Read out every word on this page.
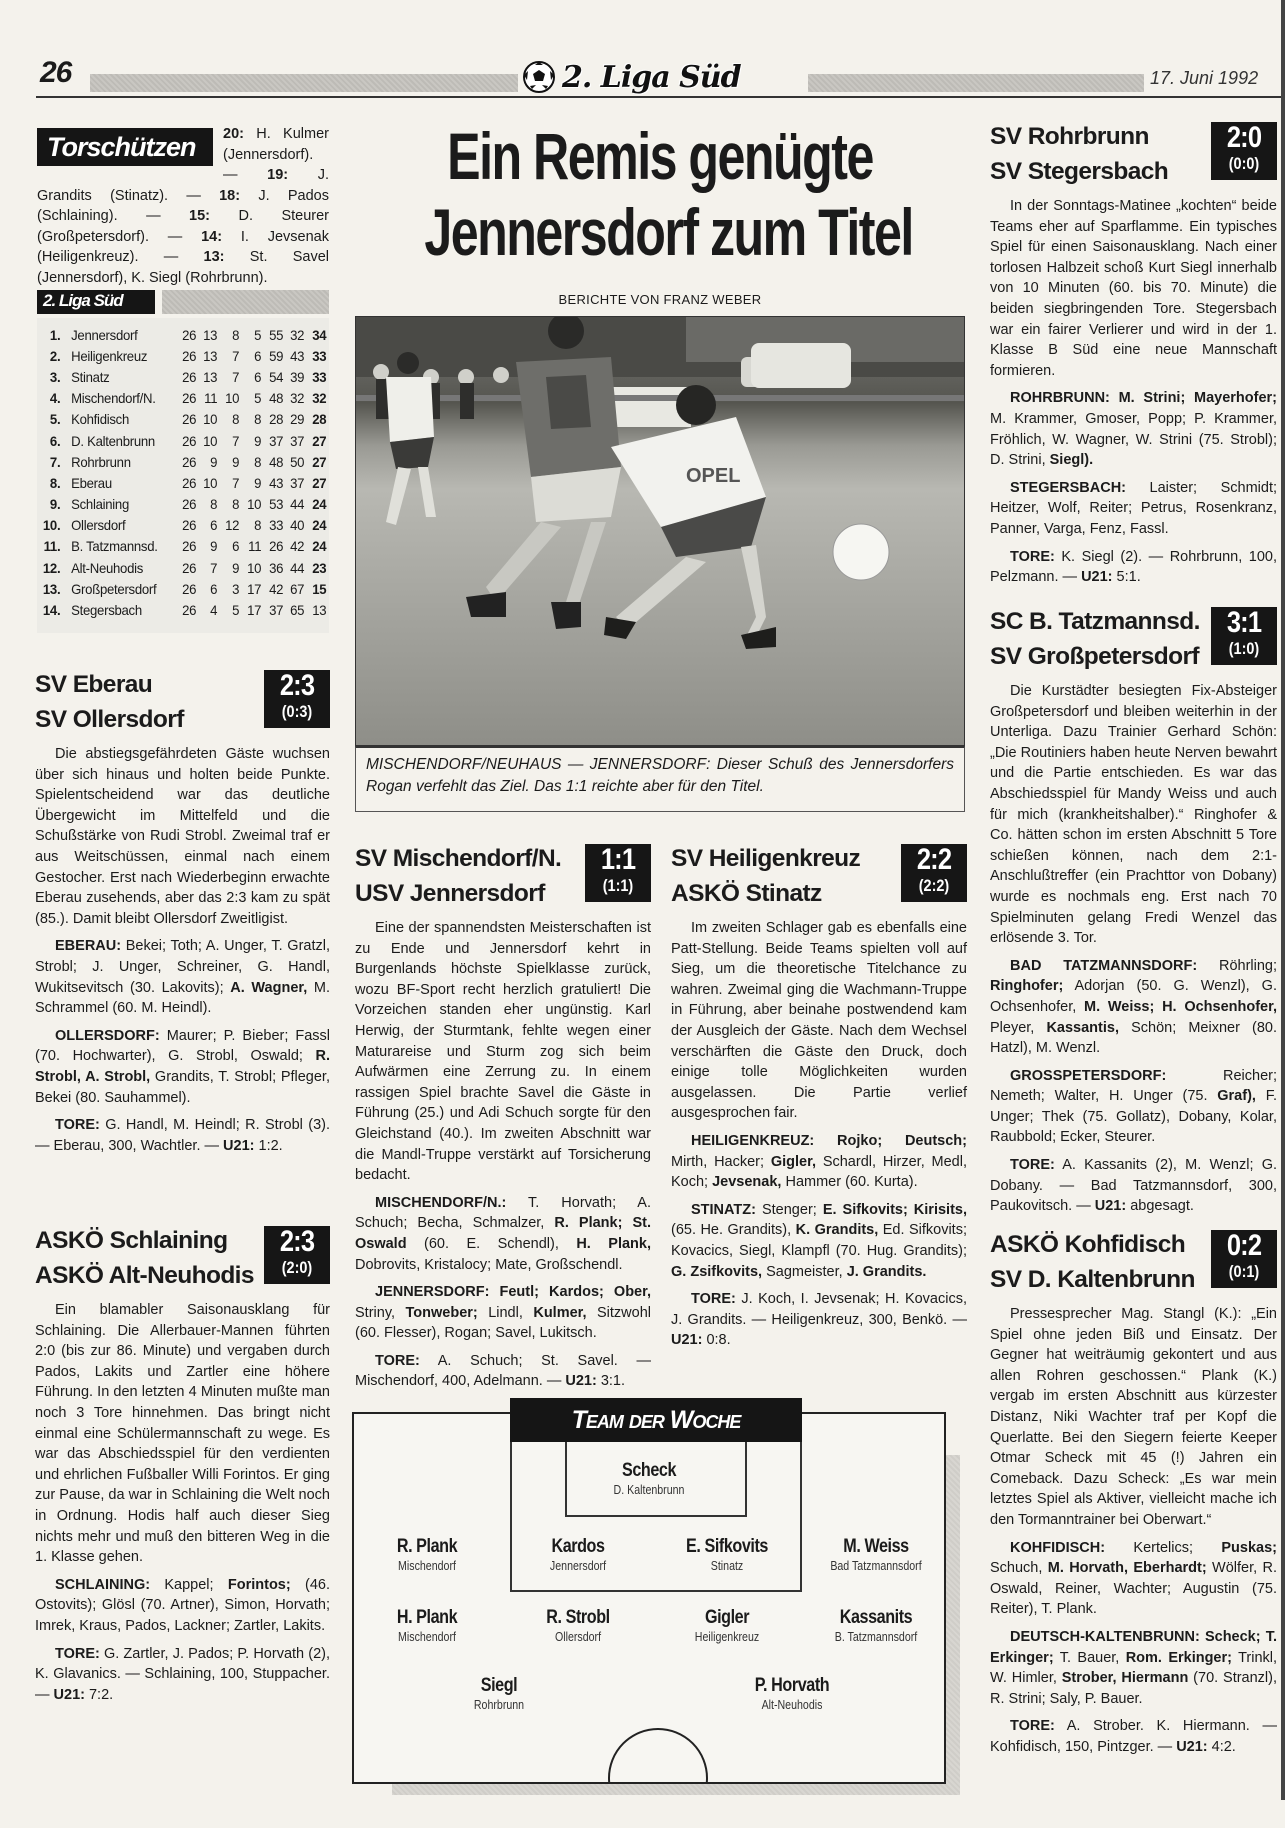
26	2. Liga Süd	17. Juni 1992
Torschützen	20: H. Kulmer (Jennersdorf). — 19: J. Grandits (Stinatz). — 18: J. Pados (Schlaining). — 15: D. Steurer (Großpetersdorf). — 14: I. Jevsenak (Heiligenkreuz). — 13: St. Savel (Jennersdorf), K. Siegl (Rohrbrunn).
2. Liga Süd
1.	Jennersdorf	26	13	8	5	55	32	34
2.	Heiligenkreuz	26	13	7	6	59	43	33
3.	Stinatz	26	13	7	6	54	39	33
4.	Mischendorf/N.	26	11	10	5	48	32	32
5.	Kohfidisch	26	10	8	8	28	29	28
6.	D. Kaltenbrunn	26	10	7	9	37	37	27
7.	Rohrbrunn	26	9	9	8	48	50	27
8.	Eberau	26	10	7	9	43	37	27
9.	Schlaining	26	8	8	10	53	44	24
10.	Ollersdorf	26	6	12	8	33	40	24
11.	B. Tatzmannsd.	26	9	6	11	26	42	24
12.	Alt-Neuhodis	26	7	9	10	36	44	23
13.	Großpetersdorf	26	6	3	17	42	67	15
14.	Stegersbach	26	4	5	17	37	65	13
Ein Remis genügte
Jennersdorf zum Titel
BERICHTE VON FRANZ WEBER
OPEL
MISCHENDORF/NEUHAUS — JENNERSDORF: Dieser Schuß des Jennersdorfers Rogan verfehlt das Ziel. Das 1:1 reichte aber für den Titel.
SV Eberau
SV Ollersdorf
2:3
(0:3)

Die abstiegsgefährdeten Gäste wuchsen über sich hinaus und holten beide Punkte. Spielentscheidend war das deutliche Übergewicht im Mittelfeld und die Schußstärke von Rudi Strobl. Zweimal traf er aus Weitschüssen, einmal nach einem Gestocher. Erst nach Wiederbeginn erwachte Eberau zusehends, aber das 2:3 kam zu spät (85.). Damit bleibt Ollersdorf Zweitligist.

EBERAU: Bekei; Toth; A. Unger, T. Gratzl, Strobl; J. Unger, Schreiner, G. Handl, Wukitsevitsch (30. Lakovits); A. Wagner, M. Schrammel (60. M. Heindl).

OLLERSDORF: Maurer; P. Bieber; Fassl (70. Hochwarter), G. Strobl, Oswald; R. Strobl, A. Strobl, Grandits, T. Strobl; Pfleger, Bekei (80. Sauhammel).

TORE: G. Handl, M. Heindl; R. Strobl (3). — Eberau, 300, Wachtler. — U21: 1:2.

ASKÖ Schlaining
ASKÖ Alt-Neuhodis
2:3
(2:0)

Ein blamabler Saisonausklang für Schlaining. Die Allerbauer-Mannen führten 2:0 (bis zur 86. Minute) und vergaben durch Pados, Lakits und Zartler eine höhere Führung. In den letzten 4 Minuten mußte man noch 3 Tore hinnehmen. Das bringt nicht einmal eine Schülermannschaft zu wege. Es war das Abschiedsspiel für den verdienten und ehrlichen Fußballer Willi Forintos. Er ging zur Pause, da war in Schlaining die Welt noch in Ordnung. Hodis half auch dieser Sieg nichts mehr und muß den bitteren Weg in die 1. Klasse gehen.

SCHLAINING: Kappel; Forintos; (46. Ostovits); Glösl (70. Artner), Simon, Horvath; Imrek, Kraus, Pados, Lackner; Zartler, Lakits.

TORE: G. Zartler, J. Pados; P. Horvath (2), K. Glavanics. — Schlaining, 100, Stuppacher. — U21: 7:2.

SV Mischendorf/N.
USV Jennersdorf
1:1
(1:1)

Eine der spannendsten Meisterschaften ist zu Ende und Jennersdorf kehrt in Burgenlands höchste Spielklasse zurück, wozu BF-Sport recht herzlich gratuliert! Die Vorzeichen standen eher ungünstig. Karl Herwig, der Sturmtank, fehlte wegen einer Maturareise und Sturm zog sich beim Aufwärmen eine Zerrung zu. In einem rassigen Spiel brachte Savel die Gäste in Führung (25.) und Adi Schuch sorgte für den Gleichstand (40.). Im zweiten Abschnitt war die Mandl-Truppe verstärkt auf Torsicherung bedacht.

MISCHENDORF/N.: T. Horvath; A. Schuch; Becha, Schmalzer, R. Plank; St. Oswald (60. E. Schendl), H. Plank, Dobrovits, Kristalocy; Mate, Großschendl.

JENNERSDORF: Feutl; Kardos; Ober, Striny, Tonweber; Lindl, Kulmer, Sitzwohl (60. Flesser), Rogan; Savel, Lukitsch.

TORE: A. Schuch; St. Savel. — Mischendorf, 400, Adelmann. — U21: 3:1.

SV Heiligenkreuz
ASKÖ Stinatz
2:2
(2:2)

Im zweiten Schlager gab es ebenfalls eine Patt-Stellung. Beide Teams spielten voll auf Sieg, um die theoretische Titelchance zu wahren. Zweimal ging die Wachmann-Truppe in Führung, aber beinahe postwendend kam der Ausgleich der Gäste. Nach dem Wechsel verschärften die Gäste den Druck, doch einige tolle Möglichkeiten wurden ausgelassen. Die Partie verlief ausgesprochen fair.

HEILIGENKREUZ: Rojko; Deutsch; Mirth, Hacker; Gigler, Schardl, Hirzer, Medl, Koch; Jevsenak, Hammer (60. Kurta).

STINATZ: Stenger; E. Sifkovits; Kirisits, (65. He. Grandits), K. Grandits, Ed. Sifkovits; Kovacics, Siegl, Klampfl (70. Hug. Grandits); G. Zsifkovits, Sagmeister, J. Grandits.

TORE: J. Koch, I. Jevsenak; H. Kovacics, J. Grandits. — Heiligenkreuz, 300, Benkö. — U21: 0:8.

SV Rohrbrunn
SV Stegersbach
2:0
(0:0)

In der Sonntags-Matinee „kochten“ beide Teams eher auf Sparflamme. Ein typisches Spiel für einen Saisonausklang. Nach einer torlosen Halbzeit schoß Kurt Siegl innerhalb von 10 Minuten (60. bis 70. Minute) die beiden siegbringenden Tore. Stegersbach war ein fairer Verlierer und wird in der 1. Klasse B Süd eine neue Mannschaft formieren.

ROHRBRUNN: M. Strini; Mayerhofer; M. Krammer, Gmoser, Popp; P. Krammer, Fröhlich, W. Wagner, W. Strini (75. Strobl); D. Strini, Siegl).

STEGERSBACH: Laister; Schmidt; Heitzer, Wolf, Reiter; Petrus, Rosenkranz, Panner, Varga, Fenz, Fassl.

TORE: K. Siegl (2). — Rohrbrunn, 100, Pelzmann. — U21: 5:1.

SC B. Tatzmannsd.
SV Großpetersdorf
3:1
(1:0)

Die Kurstädter besiegten Fix-Absteiger Großpetersdorf und bleiben weiterhin in der Unterliga. Dazu Trainier Gerhard Schön: „Die Routiniers haben heute Nerven bewahrt und die Partie entschieden. Es war das Abschiedsspiel für Mandy Weiss und auch für mich (krankheitshalber).“ Ringhofer & Co. hätten schon im ersten Abschnitt 5 Tore schießen können, nach dem 2:1-Anschlußtreffer (ein Prachttor von Dobany) wurde es nochmals eng. Erst nach 70 Spielminuten gelang Fredi Wenzel das erlösende 3. Tor.

BAD TATZMANNSDORF: Röhrling; Ringhofer; Adorjan (50. G. Wenzl), G. Ochsenhofer, M. Weiss; H. Ochsenhofer, Pleyer, Kassantis, Schön; Meixner (80. Hatzl), M. Wenzl.

GROSSPETERSDORF: Reicher; Nemeth; Walter, H. Unger (75. Graf), F. Unger; Thek (75. Gollatz), Dobany, Kolar, Raubbold; Ecker, Steurer.

TORE: A. Kassanits (2), M. Wenzl; G. Dobany. — Bad Tatzmannsdorf, 300, Paukovitsch. — U21: abgesagt.

ASKÖ Kohfidisch
SV D. Kaltenbrunn
0:2
(0:1)

Pressesprecher Mag. Stangl (K.): „Ein Spiel ohne jeden Biß und Einsatz. Der Gegner hat weiträumig gekontert und aus allen Rohren geschossen.“ Plank (K.) vergab im ersten Abschnitt aus kürzester Distanz, Niki Wachter traf per Kopf die Querlatte. Bei den Siegern feierte Keeper Otmar Scheck mit 45 (!) Jahren ein Comeback. Dazu Scheck: „Es war mein letztes Spiel als Aktiver, vielleicht mache ich den Tormanntrainer bei Oberwart.“

KOHFIDISCH: Kertelics; Puskas; Schuch, M. Horvath, Eberhardt; Wölfer, R. Oswald, Reiner, Wachter; Augustin (75. Reiter), T. Plank.

DEUTSCH-KALTENBRUNN: Scheck; T. Erkinger; T. Bauer, Rom. Erkinger; Trinkl, W. Himler, Strober, Hiermann (70. Stranzl), R. Strini; Saly, P. Bauer.

TORE: A. Strober. K. Hiermann. — Kohfidisch, 150, Pintzger. — U21: 4:2.

Team der Woche
Scheck
D. Kaltenbrunn
R. Plank
Mischendorf
Kardos
Jennersdorf
E. Sifkovits
Stinatz
M. Weiss
Bad Tatzmannsdorf
H. Plank
Mischendorf
R. Strobl
Ollersdorf
Gigler
Heiligenkreuz
Kassanits
B. Tatzmannsdorf
Siegl
Rohrbrunn
P. Horvath
Alt-Neuhodis
